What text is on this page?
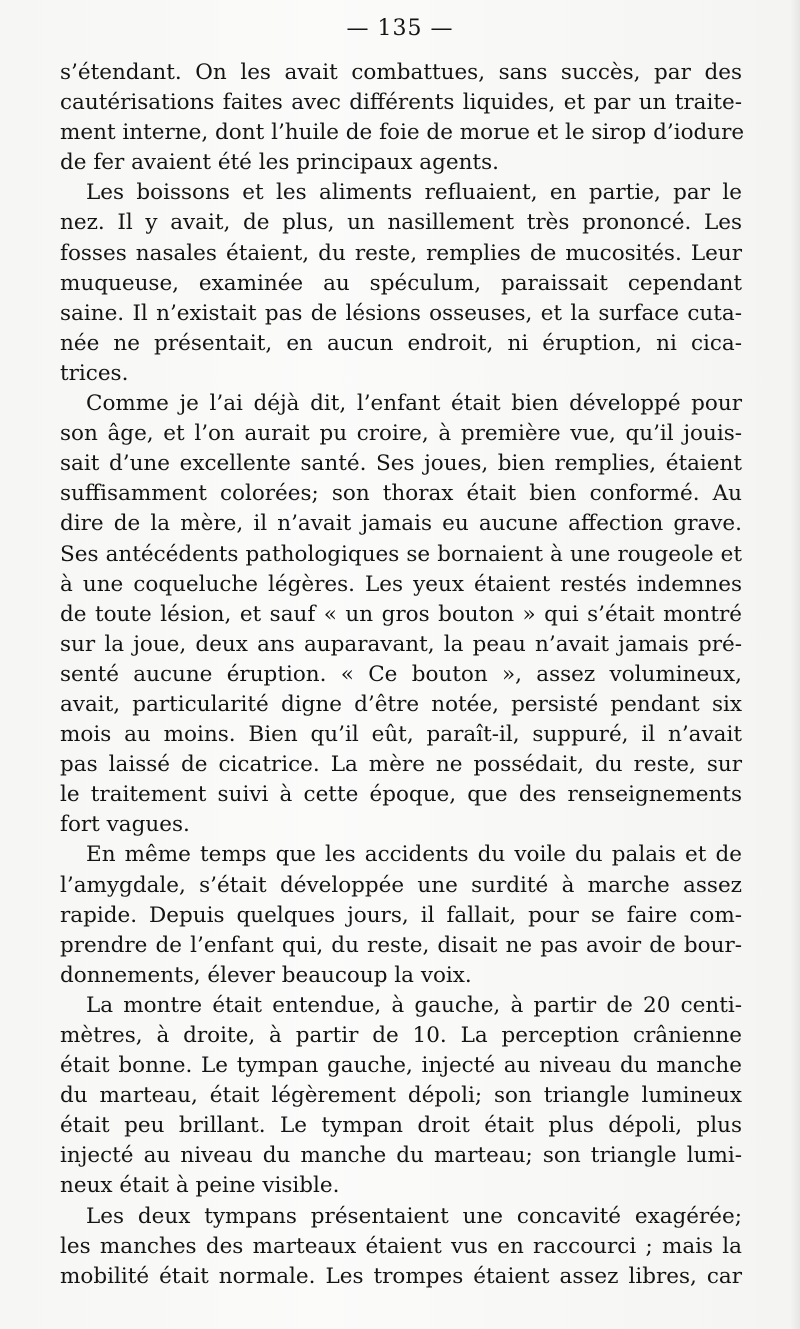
— 135 —
s’étendant. On les avait combattues, sans succès, par des
cautérisations faites avec différents liquides, et par un traite-
ment interne, dont l’huile de foie de morue et le sirop d’iodure
de fer avaient été les principaux agents.
Les boissons et les aliments refluaient, en partie, par le
nez. Il y avait, de plus, un nasillement très prononcé. Les
fosses nasales étaient, du reste, remplies de mucosités. Leur
muqueuse, examinée au spéculum, paraissait cependant
saine. Il n’existait pas de lésions osseuses, et la surface cuta-
née ne présentait, en aucun endroit, ni éruption, ni cica-
trices.
Comme je l’ai déjà dit, l’enfant était bien développé pour
son âge, et l’on aurait pu croire, à première vue, qu’il jouis-
sait d’une excellente santé. Ses joues, bien remplies, étaient
suffisamment colorées; son thorax était bien conformé. Au
dire de la mère, il n’avait jamais eu aucune affection grave.
Ses antécédents pathologiques se bornaient à une rougeole et
à une coqueluche légères. Les yeux étaient restés indemnes
de toute lésion, et sauf « un gros bouton » qui s’était montré
sur la joue, deux ans auparavant, la peau n’avait jamais pré-
senté aucune éruption. « Ce bouton », assez volumineux,
avait, particularité digne d’être notée, persisté pendant six
mois au moins. Bien qu’il eût, paraît-il, suppuré, il n’avait
pas laissé de cicatrice. La mère ne possédait, du reste, sur
le traitement suivi à cette époque, que des renseignements
fort vagues.
En même temps que les accidents du voile du palais et de
l’amygdale, s’était développée une surdité à marche assez
rapide. Depuis quelques jours, il fallait, pour se faire com-
prendre de l’enfant qui, du reste, disait ne pas avoir de bour-
donnements, élever beaucoup la voix.
La montre était entendue, à gauche, à partir de 20 centi-
mètres, à droite, à partir de 10. La perception crânienne
était bonne. Le tympan gauche, injecté au niveau du manche
du marteau, était légèrement dépoli; son triangle lumineux
était peu brillant. Le tympan droit était plus dépoli, plus
injecté au niveau du manche du marteau; son triangle lumi-
neux était à peine visible.
Les deux tympans présentaient une concavité exagérée;
les manches des marteaux étaient vus en raccourci ; mais la
mobilité était normale. Les trompes étaient assez libres, car
